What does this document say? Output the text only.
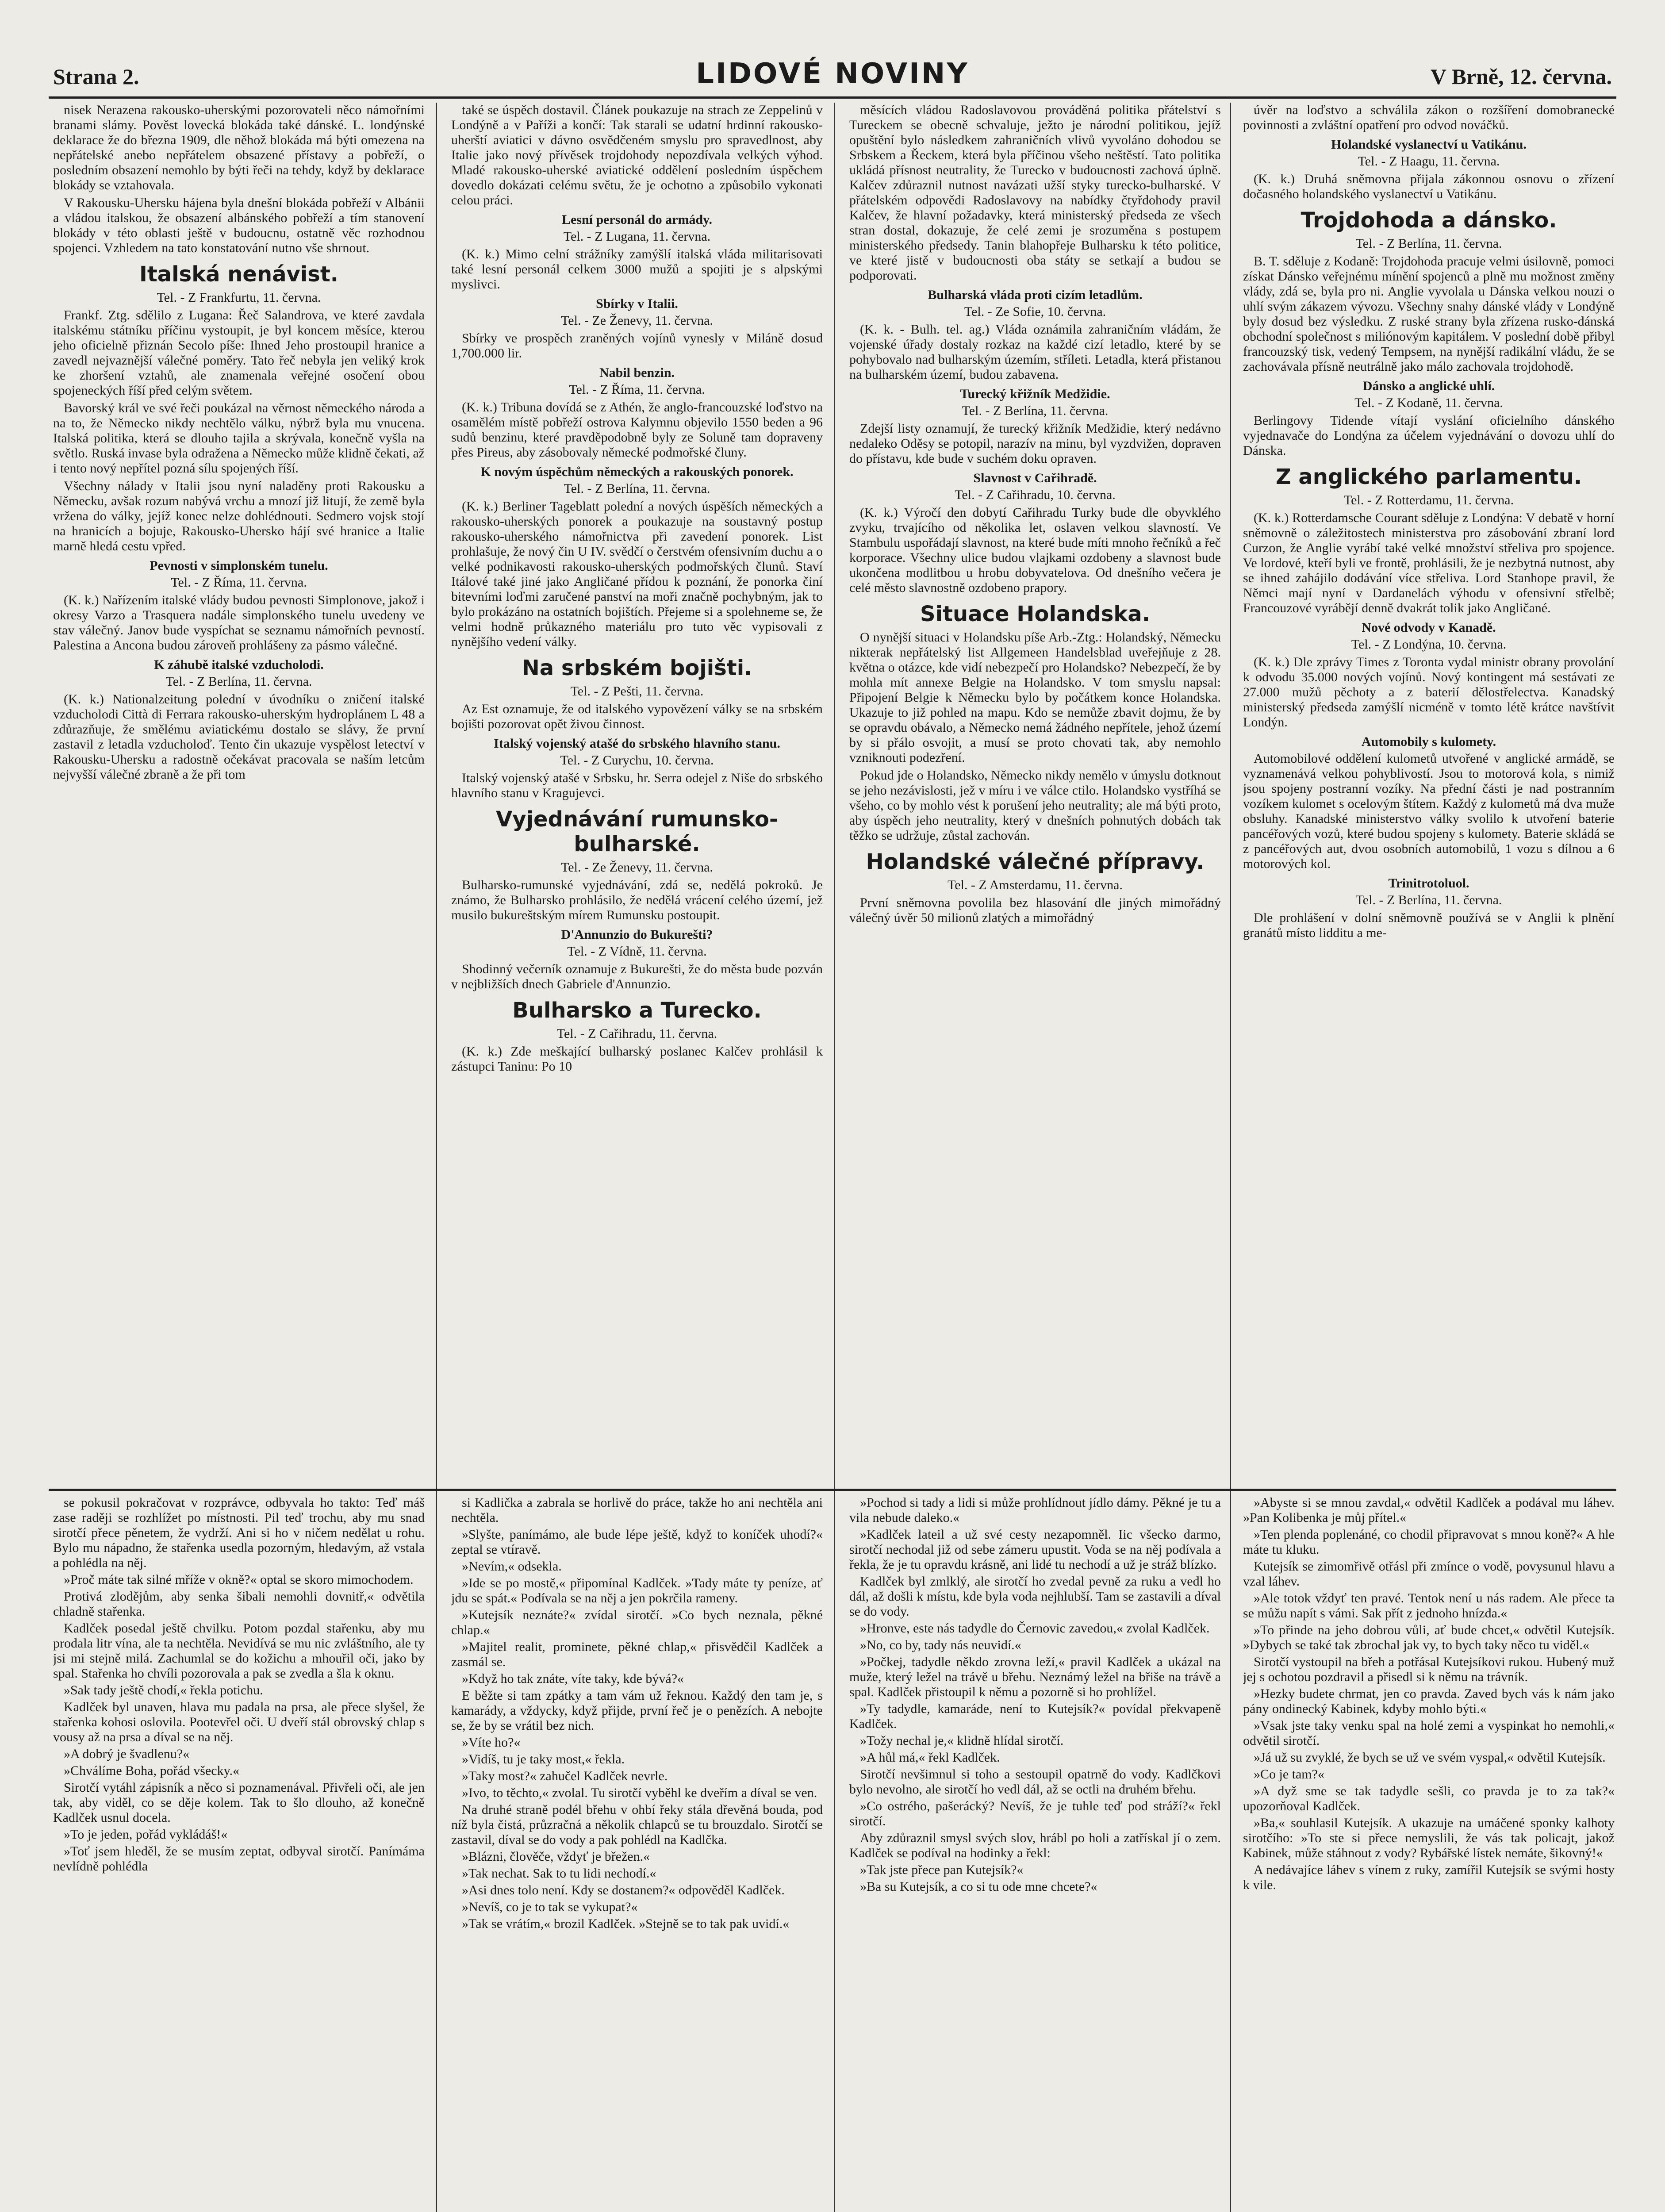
Strana 2.	LIDOVÉ NOVINY	V Brně, 12. června.

nisek Nerazena rakousko-uherskými pozorovateli něco námořními branami slámy. Pověst lovecká blokáda také dánské. L. londýnské deklarace že do března 1909, dle něhož blokáda má býti omezena na nepřátelské anebo nepřátelem obsazené přístavy a pobřeží, o posledním obsazení nemohlo by býti řeči na tehdy, když by deklarace blokády se vztahovala.

V Rakousku-Uhersku hájena byla dnešní blokáda pobřeží v Albánii a vládou italskou, že obsazení albánského pobřeží a tím stanovení blokády v této oblasti ještě v budoucnu, ostatně věc rozhodnou spojenci. Vzhledem na tato konstatování nutno vše shrnout.

Italská nenávist.
Tel. - Z Frankfurtu, 11. června.

Frankf. Ztg. sdělilo z Lugana: Řeč Salandrova, ve které zavdala italskému státníku příčinu vystoupit, je byl koncem měsíce, kterou jeho oficielně přiznán Secolo píše: Ihned Jeho prostoupil hranice a zavedl nejvaznější válečné poměry. Tato řeč nebyla jen veliký krok ke zhoršení vztahů, ale znamenala veřejné osočení obou spojeneckých říší před celým světem.

Bavorský král ve své řeči poukázal na věrnost německého národa a na to, že Německo nikdy nechtělo válku, nýbrž byla mu vnucena. Italská politika, která se dlouho tajila a skrývala, konečně vyšla na světlo. Ruská invase byla odražena a Německo může klidně čekati, až i tento nový nepřítel pozná sílu spojených říší.

Všechny nálady v Italii jsou nyní naladěny proti Rakousku a Německu, avšak rozum nabývá vrchu a mnozí již litují, že země byla vržena do války, jejíž konec nelze dohlédnouti. Sedmero vojsk stojí na hranicích a bojuje, Rakousko-Uhersko hájí své hranice a Italie marně hledá cestu vpřed.

Pevnosti v simplonském tunelu.
Tel. - Z Říma, 11. června.

(K. k.) Nařízením italské vlády budou pevnosti Simplonove, jakož i okresy Varzo a Trasquera nadále simplonského tunelu uvedeny ve stav válečný. Janov bude vyspíchat se seznamu námořních pevností. Palestina a Ancona budou zároveň prohlášeny za pásmo válečné.

K záhubě italské vzducholodi.
Tel. - Z Berlína, 11. června.

(K. k.) Nationalzeitung polední v úvodníku o zničení italské vzducholodi Città di Ferrara rakousko-uherským hydroplánem L 48 a zdůrazňuje, že smělému aviatickému dostalo se slávy, že první zastavil z letadla vzducholoď. Tento čin ukazuje vyspělost letectví v Rakousku-Uhersku a radostně očekávat pracovala se naším letcům nejvyšší válečné zbraně a že při tom

také se úspěch dostavil. Článek poukazuje na strach ze Zeppelinů v Londýně a v Paříži a končí: Tak starali se udatní hrdinní rakousko-uherští aviatici v dávno osvědčeném smyslu pro spravedlnost, aby Italie jako nový přívěsek trojdohody nepozdívala velkých výhod. Mladé rakousko-uherské aviatické oddělení posledním úspěchem dovedlo dokázati celému světu, že je ochotno a způsobilo vykonati celou práci.

Lesní personál do armády.
Tel. - Z Lugana, 11. června.

(K. k.) Mimo celní strážníky zamýšlí italská vláda militarisovati také lesní personál celkem 3000 mužů a spojiti je s alpskými myslivci.

Sbírky v Italii.
Tel. - Ze Ženevy, 11. června.

Sbírky ve prospěch zraněných vojínů vynesly v Miláně dosud 1,700.000 lir.

Nabil benzin.
Tel. - Z Říma, 11. června.

(K. k.) Tribuna dovídá se z Athén, že anglo-francouzské loďstvo na osamělém místě pobřeží ostrova Kalymnu objevilo 1550 beden a 96 sudů benzinu, které pravděpodobně byly ze Soluně tam dopraveny přes Pireus, aby zásobovaly německé podmořské čluny.

K novým úspěchům německých a rakouských ponorek.
Tel. - Z Berlína, 11. června.

(K. k.) Berliner Tageblatt polední a nových úspěších německých a rakousko-uherských ponorek a poukazuje na soustavný postup rakousko-uherského námořnictva při zavedení ponorek. List prohlašuje, že nový čin U IV. svědčí o čerstvém ofensivním duchu a o velké podnikavosti rakousko-uherských podmořských člunů. Staví Itálové také jiné jako Angličané přídou k poznání, že ponorka činí bitevními loďmi zaručené panství na moři značně pochybným, jak to bylo prokázáno na ostatních bojištích. Přejeme si a spolehneme se, že velmi hodně průkazného materiálu pro tuto věc vypisovali z nynějšího vedení války.

Na srbském bojišti.
Tel. - Z Pešti, 11. června.

Az Est oznamuje, že od italského vypovězení války se na srbském bojišti pozorovat opět živou činnost.

Italský vojenský atašé do srbského hlavního stanu.
Tel. - Z Curychu, 10. června.

Italský vojenský atašé v Srbsku, hr. Serra odejel z Niše do srbského hlavního stanu v Kragujevci.

Vyjednávání rumunsko-bulharské.
Tel. - Ze Ženevy, 11. června.

Bulharsko-rumunské vyjednávání, zdá se, nedělá pokroků. Je známo, že Bulharsko prohlásilo, že nedělá vrácení celého území, jež musilo bukureštským mírem Rumunsku postoupit.

D'Annunzio do Bukurešti?
Tel. - Z Vídně, 11. června.

Shodinný večerník oznamuje z Bukurešti, že do města bude pozván v nejbližších dnech Gabriele d'Annunzio.

Bulharsko a Turecko.
Tel. - Z Cařihradu, 11. června.

(K. k.) Zde meškající bulharský poslanec Kalčev prohlásil k zástupci Taninu: Po 10

měsících vládou Radoslavovou prováděná politika přátelství s Tureckem se obecně schvaluje, ježto je národní politikou, jejíž opuštění bylo následkem zahraničních vlivů vyvoláno dohodou se Srbskem a Řeckem, která byla příčinou všeho neštěstí. Tato politika ukládá přísnost neutrality, že Turecko v budoucnosti zachová úplně. Kalčev zdůraznil nutnost navázati užší styky turecko-bulharské. V přátelském odpovědi Radoslavovy na nabídky čtyřdohody pravil Kalčev, že hlavní požadavky, která ministerský předseda ze všech stran dostal, dokazuje, že celé zemi je srozuměna s postupem ministerského předsedy. Tanin blahopřeje Bulharsku k této politice, ve které jistě v budoucnosti oba státy se setkají a budou se podporovati.

Bulharská vláda proti cizím letadlům.
Tel. - Ze Sofie, 10. června.

(K. k. - Bulh. tel. ag.) Vláda oznámila zahraničním vládám, že vojenské úřady dostaly rozkaz na každé cizí letadlo, které by se pohybovalo nad bulharským územím, stříleti. Letadla, která přistanou na bulharském území, budou zabavena.

Turecký křižník Medžidie.
Tel. - Z Berlína, 11. června.

Zdejší listy oznamují, že turecký křižník Medžidie, který nedávno nedaleko Oděsy se potopil, narazív na minu, byl vyzdvižen, dopraven do přístavu, kde bude v suchém doku opraven.

Slavnost v Cařihradě.
Tel. - Z Cařihradu, 10. června.

(K. k.) Výročí den dobytí Cařihradu Turky bude dle obyvklého zvyku, trvajícího od několika let, oslaven velkou slavností. Ve Stambulu uspořádají slavnost, na které bude míti mnoho řečníků a řeč korporace. Všechny ulice budou vlajkami ozdobeny a slavnost bude ukončena modlitbou u hrobu dobyvatelova. Od dnešního večera je celé město slavnostně ozdobeno prapory.

Situace Holandska.

O nynější situaci v Holandsku píše Arb.-Ztg.: Holandský, Německu nikterak nepřátelský list Allgemeen Handelsblad uveřejňuje z 28. května o otázce, kde vidí nebezpečí pro Holandsko? Nebezpečí, že by mohla mít annexe Belgie na Holandsko. V tom smyslu napsal: Připojení Belgie k Německu bylo by počátkem konce Holandska. Ukazuje to již pohled na mapu. Kdo se nemůže zbavit dojmu, že by se opravdu obávalo, a Německo nemá žádného nepřítele, jehož území by si přálo osvojit, a musí se proto chovati tak, aby nemohlo vzniknouti podezření.

Pokud jde o Holandsko, Německo nikdy nemělo v úmyslu dotknout se jeho nezávislosti, jež v míru i ve válce ctilo. Holandsko vystříhá se všeho, co by mohlo vést k porušení jeho neutrality; ale má býti proto, aby úspěch jeho neutrality, který v dnešních pohnutých dobách tak těžko se udržuje, zůstal zachován.

Holandské válečné přípravy.
Tel. - Z Amsterdamu, 11. června.

První sněmovna povolila bez hlasování dle jiných mimořádný válečný úvěr 50 milionů zlatých a mimořádný

úvěr na loďstvo a schválila zákon o rozšíření domobranecké povinnosti a zvláštní opatření pro odvod nováčků.

Holandské vyslanectví u Vatikánu.
Tel. - Z Haagu, 11. června.

(K. k.) Druhá sněmovna přijala zákonnou osnovu o zřízení dočasného holandského vyslanectví u Vatikánu.

Trojdohoda a dánsko.
Tel. - Z Berlína, 11. června.

B. T. sděluje z Kodaně: Trojdohoda pracuje velmi úsilovně, pomoci získat Dánsko veřejnému mínění spojenců a plně mu možnost změny vlády, zdá se, byla pro ni. Anglie vyvolala u Dánska velkou nouzi o uhlí svým zákazem vývozu. Všechny snahy dánské vlády v Londýně byly dosud bez výsledku. Z ruské strany byla zřízena rusko-dánská obchodní společnost s miliónovým kapitálem. V poslední době přibyl francouzský tisk, vedený Tempsem, na nynější radikální vládu, že se zachovávala přísně neutrálně jako málo zachovala trojdohodě.

Dánsko a anglické uhlí.
Tel. - Z Kodaně, 11. června.

Berlingovy Tidende vítají vyslání oficielního dánského vyjednavače do Londýna za účelem vyjednávání o dovozu uhlí do Dánska.

Z anglického parlamentu.
Tel. - Z Rotterdamu, 11. června.

(K. k.) Rotterdamsche Courant sděluje z Londýna: V debatě v horní sněmovně o záležitostech ministerstva pro zásobování zbraní lord Curzon, že Anglie vyrábí také velké množství střeliva pro spojence. Ve lordové, kteří byli ve frontě, prohlásili, že je nezbytná nutnost, aby se ihned zahájilo dodávání více střeliva. Lord Stanhope pravil, že Němci mají nyní v Dardanelách výhodu v ofensivní střelbě; Francouzové vyrábějí denně dvakrát tolik jako Angličané.

Nové odvody v Kanadě.
Tel. - Z Londýna, 10. června.

(K. k.) Dle zprávy Times z Toronta vydal ministr obrany provolání k odvodu 35.000 nových vojínů. Nový kontingent má sestávati ze 27.000 mužů pěchoty a z baterií dělostřelectva. Kanadský ministerský předseda zamýšlí nicméně v tomto létě krátce navštívit Londýn.

Automobily s kulomety.

Automobilové oddělení kulometů utvořené v anglické armádě, se vyznamenává velkou pohyblivostí. Jsou to motorová kola, s nimiž jsou spojeny postranní vozíky. Na přední části je nad postranním vozíkem kulomet s ocelovým štítem. Každý z kulometů má dva muže obsluhy. Kanadské ministerstvo války svolilo k utvoření baterie pancéřových vozů, které budou spojeny s kulomety. Baterie skládá se z pancéřových aut, dvou osobních automobilů, 1 vozu s dílnou a 6 motorových kol.

Trinitrotoluol.
Tel. - Z Berlína, 11. června.

Dle prohlášení v dolní sněmovně používá se v Anglii k plnění granátů místo lidditu a me-

se pokusil pokračovat v rozprávce, odbyvala ho takto: Teď máš zase raději se rozhlížet po místnosti. Pil teď trochu, aby mu snad sirotčí přece pěnetem, že vydrží. Ani si ho v ničem nedělat u rohu. Bylo mu nápadno, že stařenka usedla pozorným, hledavým, až vstala a pohlédla na něj.

»Proč máte tak silné mříže v okně?« optal se skoro mimochodem.

Protivá zlodějům, aby senka šibali nemohli dovnitř,« odvětila chladně stařenka.

Kadlček posedal ještě chvilku. Potom pozdal stařenku, aby mu prodala litr vína, ale ta nechtěla. Nevidívá se mu nic zvláštního, ale ty jsi mi stejně milá. Zachumlal se do kožichu a mhouřil oči, jako by spal. Stařenka ho chvíli pozorovala a pak se zvedla a šla k oknu.

»Sak tady ještě chodí,« řekla potichu.

Kadlček byl unaven, hlava mu padala na prsa, ale přece slyšel, že stařenka kohosi oslovila. Pootevřel oči. U dveří stál obrovský chlap s vousy až na prsa a díval se na něj.

»A dobrý je švadlenu?«

»Chválíme Boha, pořád všecky.«

Sirotčí vytáhl zápisník a něco si poznamenával. Přivřeli oči, ale jen tak, aby viděl, co se děje kolem. Tak to šlo dlouho, až konečně Kadlček usnul docela.

»To je jeden, pořád vykládáš!«

»Toť jsem hleděl, že se musím zeptat, odbyval sirotčí. Panímáma nevlídně pohlédla

si Kadlička a zabrala se horlivě do práce, takže ho ani nechtěla ani nechtěla.

»Slyšte, panímámo, ale bude lépe ještě, když to koníček uhodí?« zeptal se vtíravě.

»Nevím,« odsekla.

»Ide se po mostě,« připomínal Kadlček. »Tady máte ty peníze, ať jdu se spát.« Podívala se na něj a jen pokrčila rameny.

»Kutejsík neznáte?« zvídal sirotčí. »Co bych neznala, pěkné chlap.«

»Majitel realit, prominete, pěkné chlap,« přisvědčil Kadlček a zasmál se.

»Když ho tak znáte, víte taky, kde bývá?«

E běžte si tam zpátky a tam vám už řeknou. Každý den tam je, s kamarády, a vždycky, když přijde, první řeč je o penězích. A nebojte se, že by se vrátil bez nich.

»Víte ho?«

»Vidíš, tu je taky most,« řekla.

»Taky most?« zahučel Kadlček nevrle.

»Ivo, to těchto,« zvolal. Tu sirotčí vyběhl ke dveřím a díval se ven.

Na druhé straně podél břehu v ohbí řeky stála dřevěná bouda, pod níž byla čistá, průzračná a několik chlapců se tu brouzdalo. Sirotčí se zastavil, díval se do vody a pak pohlédl na Kadlčka.

»Blázni, člověče, vždyť je břežen.«

»Tak nechat. Sak to tu lidi nechodí.«

»Asi dnes tolo není. Kdy se dostanem?« odpověděl Kadlček.

»Nevíš, co je to tak se vykupat?«

»Tak se vrátím,« brozil Kadlček. »Stejně se to tak pak uvidí.«

»Pochod si tady a lidi si může prohlídnout jídlo dámy. Pěkné je tu a vila nebude daleko.«

»Kadlček lateil a už své cesty nezapomněl. Iic všecko darmo, sirotčí nechodal již od sebe zámeru upustit. Voda se na něj podívala a řekla, že je tu opravdu krásně, ani lidé tu nechodí a už je stráž blízko.

Kadlček byl zmlklý, ale sirotčí ho zvedal pevně za ruku a vedl ho dál, až došli k místu, kde byla voda nejhlubší. Tam se zastavili a díval se do vody.

»Hronve, este nás tadydle do Černovic zavedou,« zvolal Kadlček.

»No, co by, tady nás neuvidí.«

»Počkej, tadydle někdo zrovna leží,« pravil Kadlček a ukázal na muže, který ležel na trávě u břehu. Neznámý ležel na břiše na trávě a spal. Kadlček přistoupil k němu a pozorně si ho prohlížel.

»Ty tadydle, kamaráde, není to Kutejsík?« povídal překvapeně Kadlček.

»Tožy nechal je,« klidně hlídal sirotčí.

»A hůl má,« řekl Kadlček.

Sirotčí nevšimnul si toho a sestoupil opatrně do vody. Kadlčkovi bylo nevolno, ale sirotčí ho vedl dál, až se octli na druhém břehu.

»Co ostrého, pašerácký? Nevíš, že je tuhle teď pod stráží?« řekl sirotčí.

Aby zdůraznil smysl svých slov, hrábl po holi a zatřískal jí o zem. Kadlček se podíval na hodinky a řekl:

»Tak jste přece pan Kutejsík?«

»Ba su Kutejsík, a co si tu ode mne chcete?«

»Abyste si se mnou zavdal,« odvětil Kadlček a podával mu láhev. »Pan Kolibenka je můj přítel.«

»Ten plenda poplenáné, co chodil připravovat s mnou koně?« A hle máte tu kluku.

Kutejsík se zimomřivě otřásl při zmínce o vodě, povysunul hlavu a vzal láhev.

»Ale totok vždyť ten pravé. Tentok není u nás radem. Ale přece ta se můžu napít s vámi. Sak přít z jednoho hnízda.«

»To přinde na jeho dobrou vůli, ať bude chcet,« odvětil Kutejsík. »Dybych se také tak zbrochal jak vy, to bych taky něco tu viděl.«

Sirotčí vystoupil na břeh a potřásal Kutejsíkovi rukou. Hubený muž jej s ochotou pozdravil a přisedl si k němu na trávník.

»Hezky budete chrmat, jen co pravda. Zaved bych vás k nám jako pány ondinecký Kabinek, kdyby mohlo býti.«

»Vsak jste taky venku spal na holé zemi a vyspinkat ho nemohli,« odvětil sirotčí.

»Já už su zvyklé, že bych se už ve svém vyspal,« odvětil Kutejsík.

»Co je tam?«

»A dyž sme se tak tadydle sešli, co pravda je to za tak?« upozorňoval Kadlček.

»Ba,« souhlasil Kutejsík. A ukazuje na umáčené sponky kalhoty sirotčího: »To ste si přece nemyslili, že vás tak policajt, jakož Kabinek, může stáhnout z vody? Rybářské lístek nemáte, šikovný!«

A nedávajíce láhev s vínem z ruky, zamířil Kutejsík se svými hosty k vile.
